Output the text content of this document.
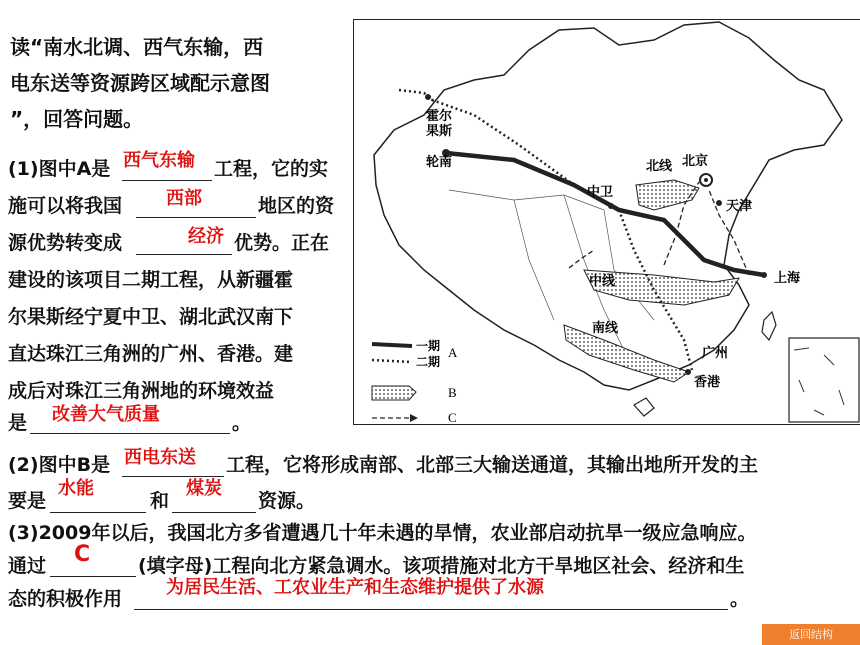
读“南水北调、西气东输，西
电东送等资源跨区域配示意图
”，回答问题。
(1)图中A是 西气东输 工程，它的实
施可以将我国 西部	地区的资
源优势转变成	经济 优势。正在
建设的该项目二期工程，从新疆霍
尔果斯经宁夏中卫、湖北武汉南下
直达珠江三角洲的广州、香港。建
成后对珠江三角洲地的环境效益
是 改善大气质量	。
(2)图中B是 西电东送 工程，它将形成南部、北部三大输送通道，其输出地所开发的主
要是
水能
和
煤炭
资源。
(3)2009年以后，我国北方多省遭遇几十年未遇的旱情，农业部启动抗旱一级应急响应。
通过 C	(填字母)工程向北方紧急调水。该项措施对北方干旱地区社会、经济和生
态的积极作用
为居民生活、工农业生产和生态维护提供了水源
。
霍尔
果斯
轮南	北京
天津
中卫
上海
广州
香港
北线
中线
南线
一期
二期
A
B
C
返回结构
